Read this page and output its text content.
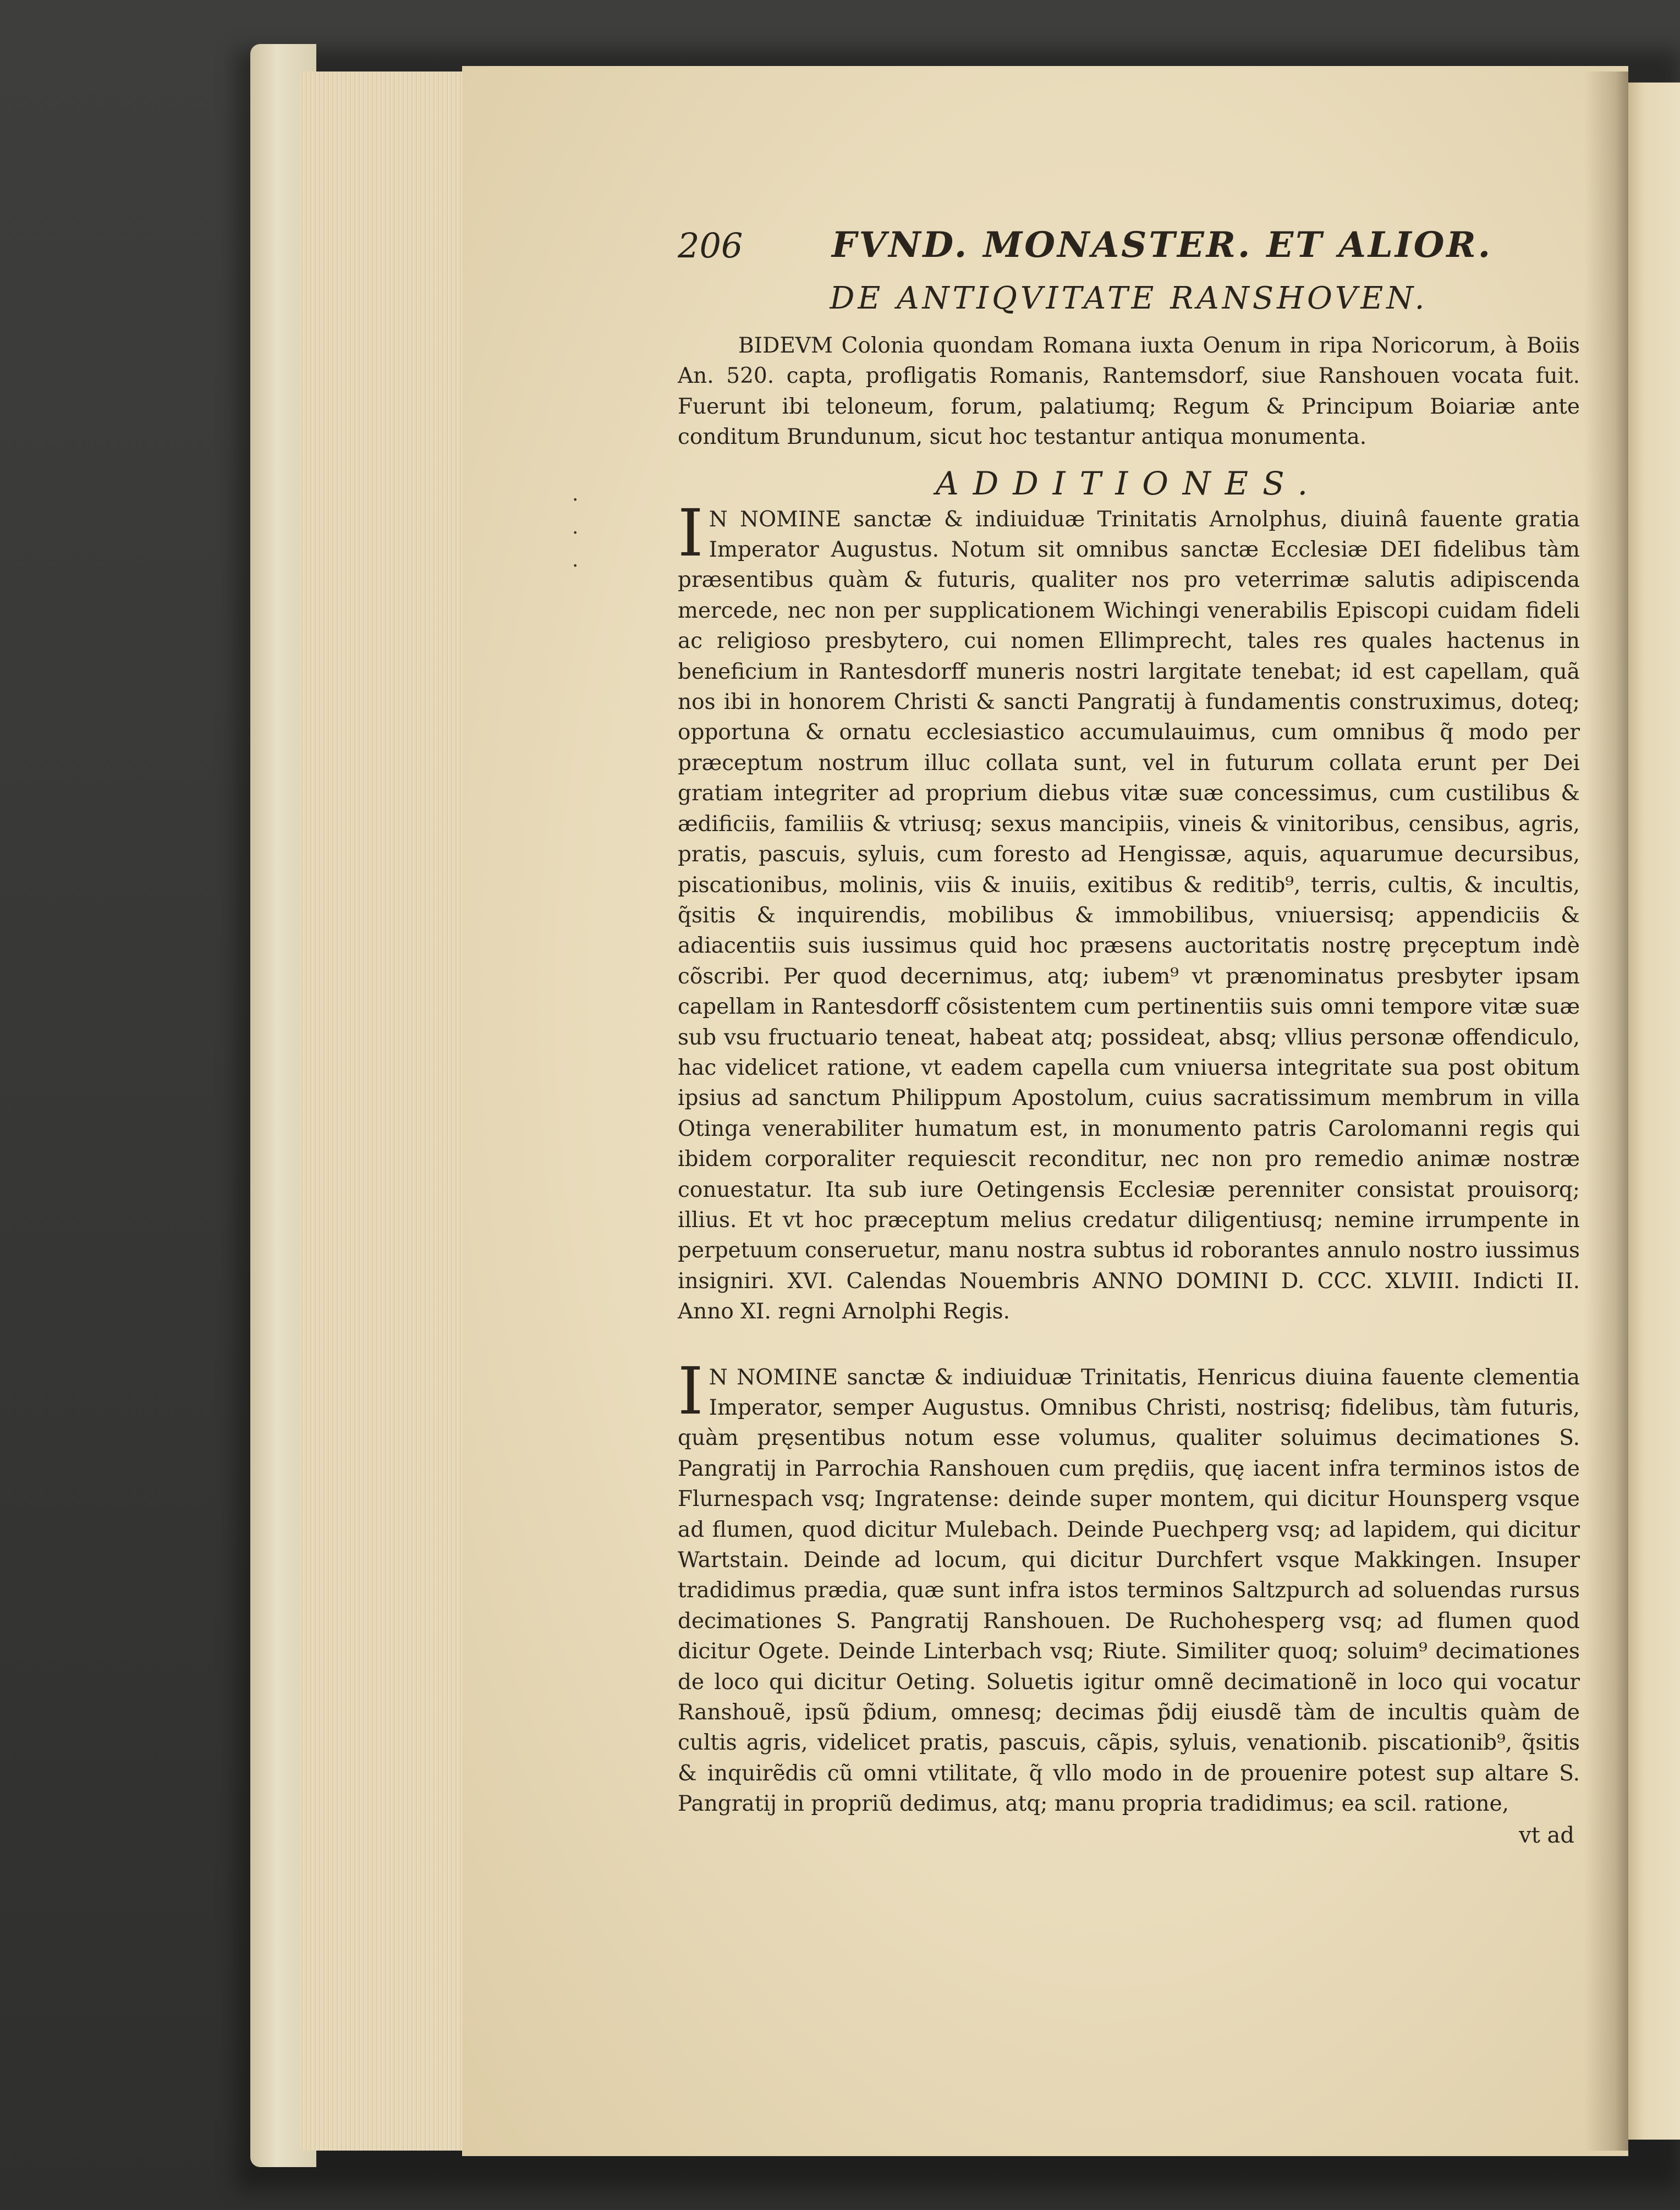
·
·
·
206	FVND. MONASTER. ET ALIOR.
DE ANTIQVITATE RANSHOVEN.

BIDEVM Colonia quondam Romana iuxta Oenum in ripa Noricorum, à Boiis An. 520. capta, profligatis Romanis, Rantemsdorf, siue Ranshouen vocata fuit. Fuerunt ibi teloneum, forum, palatiumq; Regum & Principum Boiariæ ante conditum Brundunum, sicut hoc testantur antiqua monumenta.

ADDITIONES.
I N NOMINE sanctæ & indiuiduæ Trinitatis Arnolphus, diuinâ fauente gratia Imperator Augustus. Notum sit omnibus sanctæ Ecclesiæ DEI fidelibus tàm præsentibus quàm & futuris, qualiter nos pro veterrimæ salutis adipiscenda mercede, nec non per supplicationem Wichingi venerabilis Episcopi cuidam fideli ac religioso presbytero, cui nomen Ellimprecht, tales res quales hactenus in beneficium in Rantesdorff muneris nostri largitate tenebat; id est capellam, quã nos ibi in honorem Christi & sancti Pangratij à fundamentis construximus, doteq; opportuna & ornatu ecclesiastico accumulauimus, cum omnibus q̃ modo per præceptum nostrum illuc collata sunt, vel in futurum collata erunt per Dei gratiam integriter ad proprium diebus vitæ suæ concessimus, cum custilibus & ædificiis, familiis & vtriusq; sexus mancipiis, vineis & vinitoribus, censibus, agris, pratis, pascuis, syluis, cum foresto ad Hengissæ, aquis, aquarumue decursibus, piscationibus, molinis, viis & inuiis, exitibus & reditib⁹, terris, cultis, & incultis, q̃sitis & inquirendis, mobilibus & immobilibus, vniuersisq; appendiciis & adiacentiis suis iussimus quid hoc præsens auctoritatis nostrę prȩceptum indè cõscribi. Per quod decernimus, atq; iubem⁹ vt prænominatus presbyter ipsam capellam in Rantesdorff cõsistentem cum pertinentiis suis omni tempore vitæ suæ sub vsu fructuario teneat, habeat atq; possideat, absq; vllius personæ offendiculo, hac videlicet ratione, vt eadem capella cum vniuersa integritate sua post obitum ipsius ad sanctum Philippum Apostolum, cuius sacratissimum membrum in villa Otinga venerabiliter humatum est, in monumento patris Carolomanni regis qui ibidem corporaliter requiescit reconditur, nec non pro remedio animæ nostræ conuestatur. Ita sub iure Oetingensis Ecclesiæ perenniter consistat prouisorq; illius. Et vt hoc præceptum melius credatur diligentiusq; nemine irrumpente in perpetuum conseruetur, manu nostra subtus id roborantes annulo nostro iussimus insigniri. XVI. Calendas Nouembris ANNO DOMINI D. CCC. XLVIII. Indicti II. Anno XI. regni Arnolphi Regis.

I N NOMINE sanctæ & indiuiduæ Trinitatis, Henricus diuina fauente clementia Imperator, semper Augustus. Omnibus Christi, nostrisq; fidelibus, tàm futuris, quàm pręsentibus notum esse volumus, qualiter soluimus decimationes S. Pangratij in Parrochia Ranshouen cum prędiis, quę iacent infra terminos istos de Flurnespach vsq; Ingratense: deinde super montem, qui dicitur Hounsperg vsque ad flumen, quod dicitur Mulebach. Deinde Puechperg vsq; ad lapidem, qui dicitur Wartstain. Deinde ad locum, qui dicitur Durchfert vsque Makkingen. Insuper tradidimus prædia, quæ sunt infra istos terminos Saltzpurch ad soluendas rursus decimationes S. Pangratij Ranshouen. De Ruchohesperg vsq; ad flumen quod dicitur Ogete. Deinde Linterbach vsq; Riute. Similiter quoq; soluim⁹ decimationes de loco qui dicitur Oeting. Soluetis igitur omnẽ decimationẽ in loco qui vocatur Ranshouẽ, ipsũ p̃dium, omnesq; decimas p̃dij eiusdẽ tàm de incultis quàm de cultis agris, videlicet pratis, pascuis, cãpis, syluis, venationib. piscationib⁹, q̃sitis & inquirẽdis cũ omni vtilitate, q̃ vllo modo in de prouenire potest sup altare S. Pangratij in propriũ dedimus, atq; manu propria tradidimus; ea scil. ratione,

vt ad
